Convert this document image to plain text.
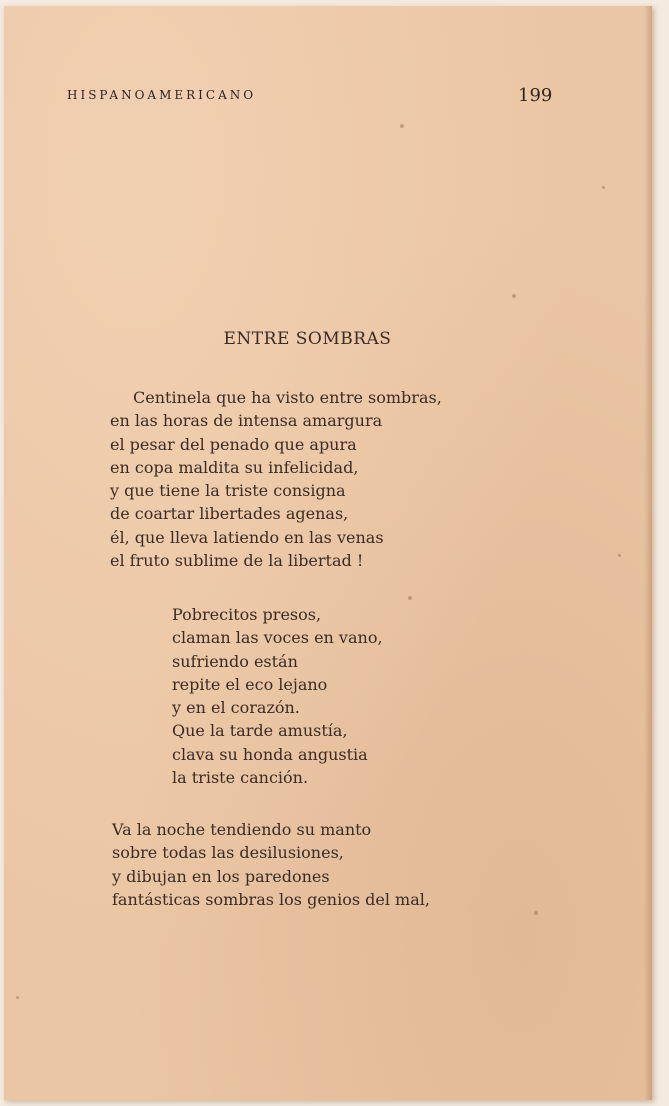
HISPANOAMERICANO	199
ENTRE SOMBRAS
Centinela que ha visto entre sombras,
en las horas de intensa amargura
el pesar del penado que apura
en copa maldita su infelicidad,
y que tiene la triste consigna
de coartar libertades agenas,
él, que lleva latiendo en las venas
el fruto sublime de la libertad !
Pobrecitos presos,
claman las voces en vano,
sufriendo están
repite el eco lejano
y en el corazón.
Que la tarde amustía,
clava su honda angustia
la triste canción.
Va la noche tendiendo su manto
sobre todas las desilusiones,
y dibujan en los paredones
fantásticas sombras los genios del mal,
